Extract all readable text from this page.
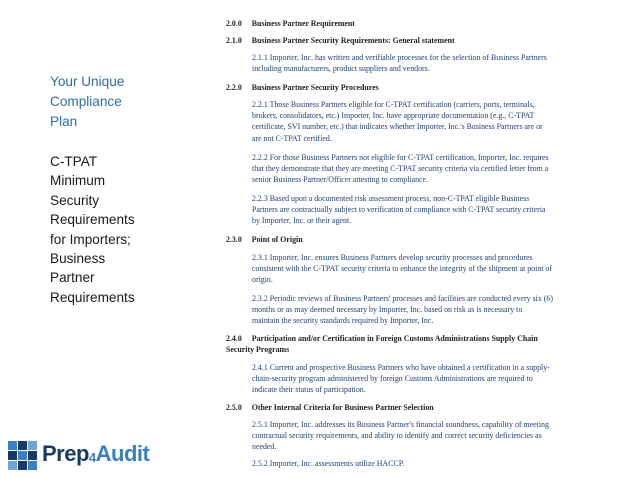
Your Unique
Compliance
Plan
C-TPAT
Minimum
Security
Requirements
for Importers;
Business
Partner
Requirements
Prep4Audit
2.0.0 Business Partner Requirement
2.1.0 Business Partner Security Requirements: General statement
2.1.1 Importer, Inc. has written and verifiable processes for the selection of Business Partners
including manufacturers, product suppliers and vendors.
2.2.0 Business Partner Security Procedures
2.2.1 Those Business Partners eligible for C-TPAT certification (carriers, ports, terminals,
brokers, consolidators, etc.) Importer, Inc. have appropriate documentation (e.g., C-TPAT
certificate, SVI number, etc.) that indicates whether Importer, Inc.'s Business Partners are or
are not C-TPAT certified.
2.2.2 For those Business Partners not eligible for C-TPAT certification, Importer, Inc. requires
that they demonstrate that they are meeting C-TPAT security criteria via certified letter from a
senior Business Partner/Officer attesting to compliance.
2.2.3 Based upon a documented risk assessment process, non-C-TPAT eligible Business
Partners are contractually subject to verification of compliance with C-TPAT security criteria
by Importer, Inc. or their agent.
2.3.0 Point of Origin
2.3.1 Importer, Inc. ensures Business Partners develop security processes and procedures
consistent with the C-TPAT security criteria to enhance the integrity of the shipment at point of
origin.
2.3.2 Periodic reviews of Business Partners' processes and facilities are conducted every six (6)
months or as may deemed necessary by Importer, Inc. based on risk as is necessary to
maintain the security standards required by Importer, Inc.
2.4.0 Participation and/or Certification in Foreign Customs Administrations Supply Chain
Security Programs
2.4.1 Current and prospective Business Partners who have obtained a certification in a supply-
chain-security program administered by foreign Customs Administrations are required to
indicate their status of participation.
2.5.0 Other Internal Criteria for Business Partner Selection
2.5.1 Importer, Inc. addresses its Business Partner's financial soundness, capability of meeting
contractual security requirements, and ability to identify and correct security deficiencies as
needed.
2.5.2 Importer, Inc. assessments utilize HACCP.
